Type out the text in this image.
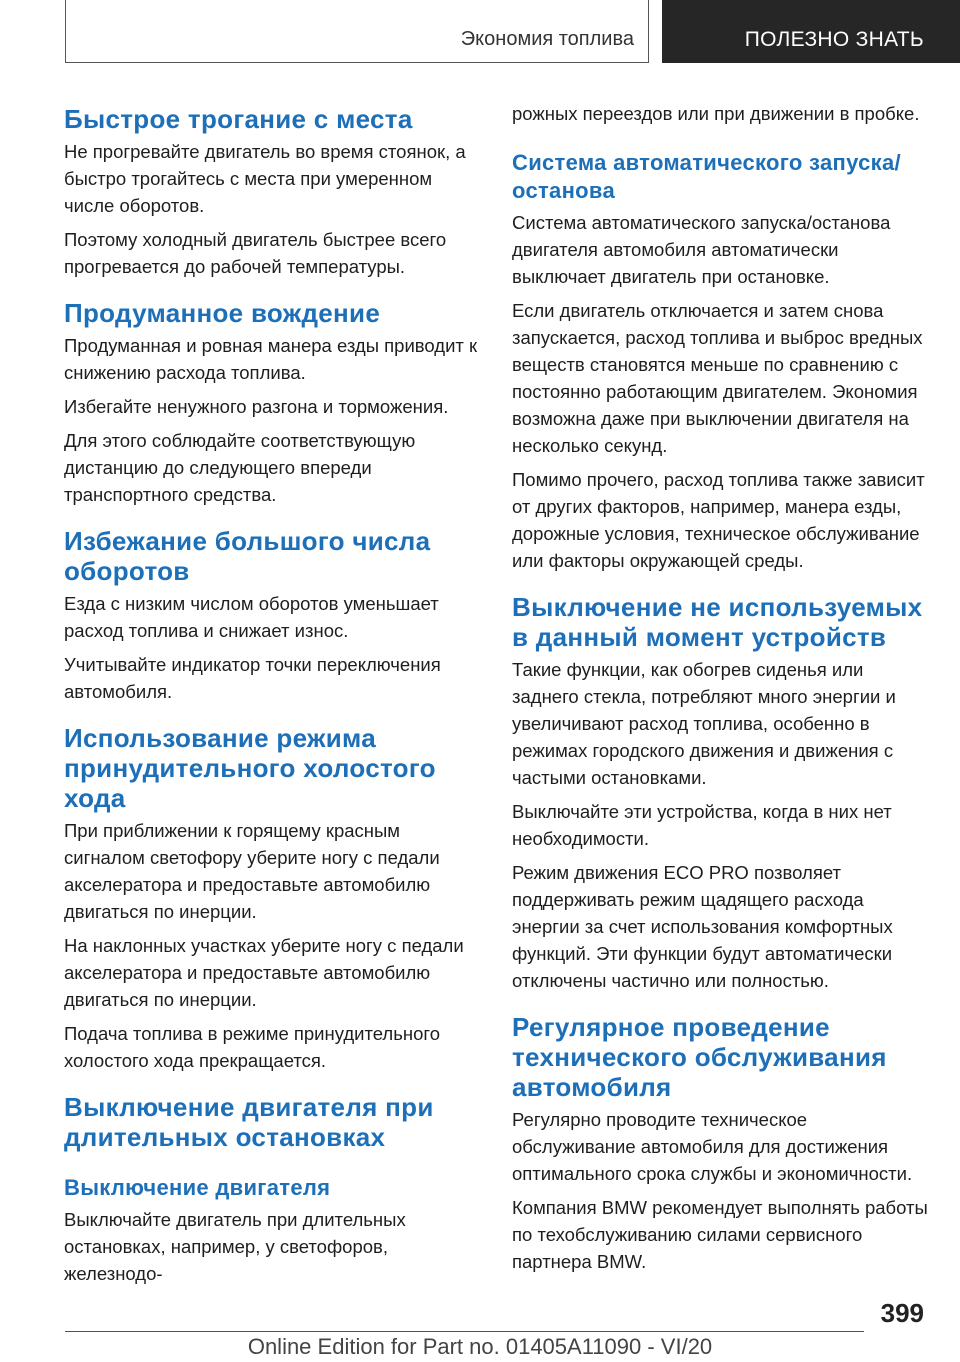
Экономия топлива	ПОЛЕЗНО ЗНАТЬ
Быстрое трогание с места

Не прогревайте двигатель во время стоянок, а быстро трогайтесь с места при умеренном числе оборотов.

Поэтому холодный двигатель быстрее всего прогревается до рабочей температуры.

Продуманное вождение

Продуманная и ровная манера езды приводит к снижению расхода топлива.

Избегайте ненужного разгона и торможения.

Для этого соблюдайте соответствующую дистанцию до следующего впереди транспортного средства.

Избежание большого числа оборотов

Езда с низким числом оборотов уменьшает расход топлива и снижает износ.

Учитывайте индикатор точки переключения автомобиля.

Использование режима принудительного холостого хода

При приближении к горящему красным сигналом светофору уберите ногу с педали акселератора и предоставьте автомобилю двигаться по инерции.

На наклонных участках уберите ногу с педали акселератора и предоставьте автомобилю двигаться по инерции.

Подача топлива в режиме принудительного холостого хода прекращается.

Выключение двигателя при длительных остановках
Выключение двигателя

Выключайте двигатель при длительных остановках, например, у светофоров, железнодо-

рожных переездов или при движении в пробке.

Система автоматического запуска/останова

Система автоматического запуска/останова двигателя автомобиля автоматически выключает двигатель при остановке.

Если двигатель отключается и затем снова запускается, расход топлива и выброс вредных веществ становятся меньше по сравнению с постоянно работающим двигателем. Экономия возможна даже при выключении двигателя на несколько секунд.

Помимо прочего, расход топлива также зависит от других факторов, например, манера езды, дорожные условия, техническое обслуживание или факторы окружающей среды.

Выключение не используемых в данный момент устройств

Такие функции, как обогрев сиденья или заднего стекла, потребляют много энергии и увеличивают расход топлива, особенно в режимах городского движения и движения с частыми остановками.

Выключайте эти устройства, когда в них нет необходимости.

Режим движения ECO PRO позволяет поддерживать режим щадящего расхода энергии за счет использования комфортных функций. Эти функции будут автоматически отключены частично или полностью.

Регулярное проведение технического обслуживания автомобиля

Регулярно проводите техническое обслуживание автомобиля для достижения оптимального срока службы и экономичности.

Компания BMW рекомендует выполнять работы по техобслуживанию силами сервисного партнера BMW.

399
Online Edition for Part no. 01405A11090 - VI/20
